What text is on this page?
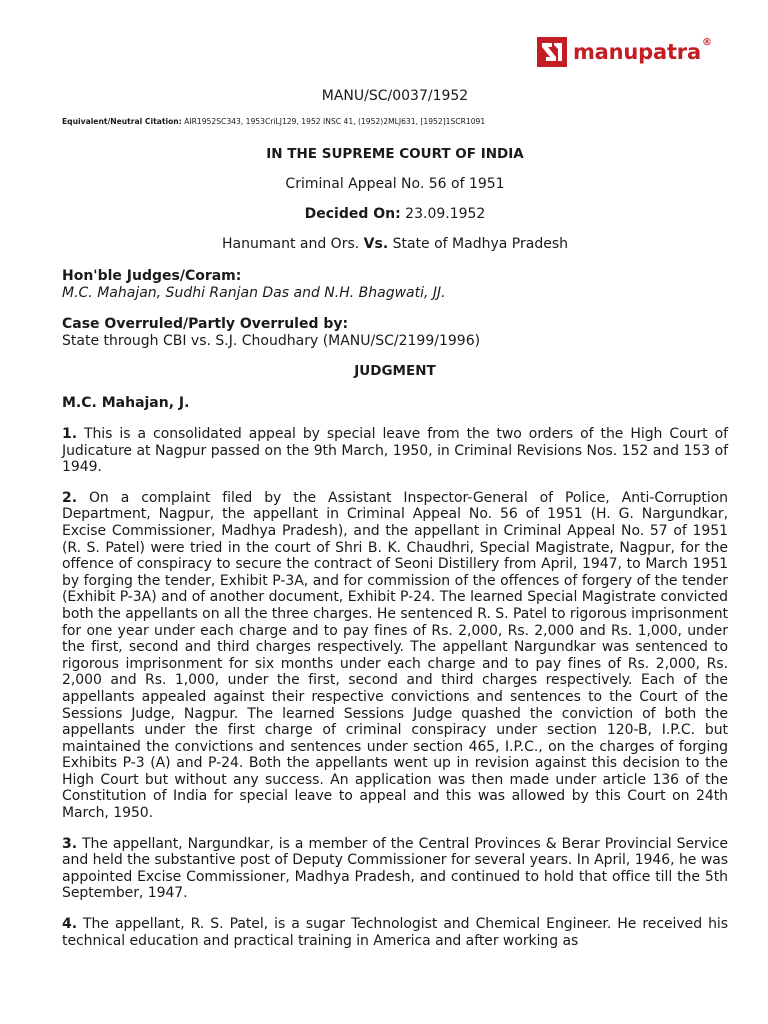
manupatra ®

MANU/SC/0037/1952

Equivalent/Neutral Citation: AIR1952SC343, 1953CriLJ129, 1952 INSC 41, (1952)2MLJ631, [1952]1SCR1091

IN THE SUPREME COURT OF INDIA

Criminal Appeal No. 56 of 1951

Decided On: 23.09.1952

Hanumant and Ors. Vs. State of Madhya Pradesh

Hon'ble Judges/Coram:

M.C. Mahajan, Sudhi Ranjan Das and N.H. Bhagwati, JJ.

Case Overruled/Partly Overruled by:

State through CBI vs. S.J. Choudhary (MANU/SC/2199/1996)

JUDGMENT

M.C. Mahajan, J.

1. This is a consolidated appeal by special leave from the two orders of the High Court of Judicature at Nagpur passed on the 9th March, 1950, in Criminal Revisions Nos. 152 and 153 of 1949.

2. On a complaint filed by the Assistant Inspector-General of Police, Anti-Corruption Department, Nagpur, the appellant in Criminal Appeal No. 56 of 1951 (H. G. Nargundkar, Excise Commissioner, Madhya Pradesh), and the appellant in Criminal Appeal No. 57 of 1951 (R. S. Patel) were tried in the court of Shri B. K. Chaudhri, Special Magistrate, Nagpur, for the offence of conspiracy to secure the contract of Seoni Distillery from April, 1947, to March 1951 by forging the tender, Exhibit P-3A, and for commission of the offences of forgery of the tender (Exhibit P-3A) and of another document, Exhibit P-24. The learned Special Magistrate convicted both the appellants on all the three charges. He sentenced R. S. Patel to rigorous imprisonment for one year under each charge and to pay fines of Rs. 2,000, Rs. 2,000 and Rs. 1,000, under the first, second and third charges respectively. The appellant Nargundkar was sentenced to rigorous imprisonment for six months under each charge and to pay fines of Rs. 2,000, Rs. 2,000 and Rs. 1,000, under the first, second and third charges respectively. Each of the appellants appealed against their respective convictions and sentences to the Court of the Sessions Judge, Nagpur. The learned Sessions Judge quashed the conviction of both the appellants under the first charge of criminal conspiracy under section 120-B, I.P.C. but maintained the convictions and sentences under section 465, I.P.C., on the charges of forging Exhibits P-3 (A) and P-24. Both the appellants went up in revision against this decision to the High Court but without any success. An application was then made under article 136 of the Constitution of India for special leave to appeal and this was allowed by this Court on 24th March, 1950.

3. The appellant, Nargundkar, is a member of the Central Provinces & Berar Provincial Service and held the substantive post of Deputy Commissioner for several years. In April, 1946, he was appointed Excise Commissioner, Madhya Pradesh, and continued to hold that office till the 5th September, 1947.

4. The appellant, R. S. Patel, is a sugar Technologist and Chemical Engineer. He received his technical education and practical training in America and after working as
